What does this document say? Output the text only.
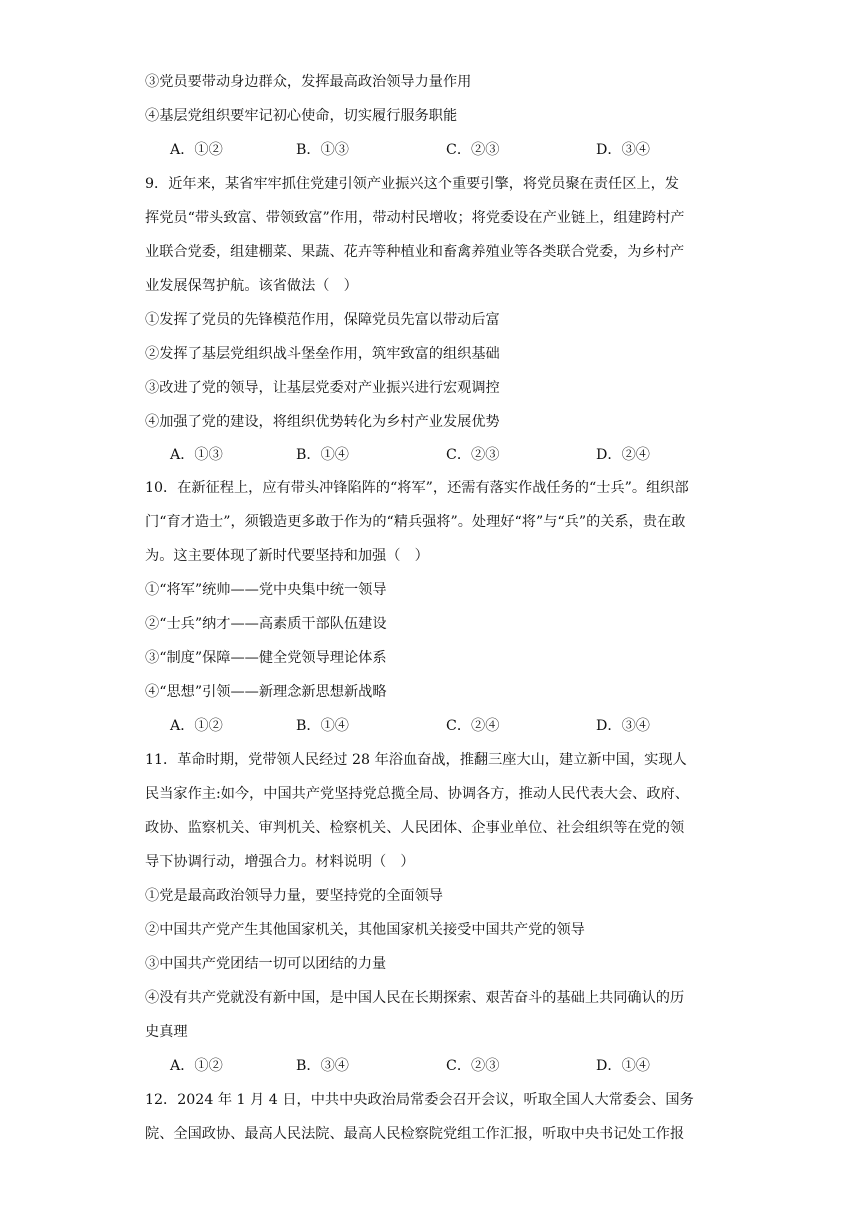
③党员要带动身边群众，发挥最高政治领导力量作用
④基层党组织要牢记初心使命，切实履行服务职能
A．①②	B．①③	C．②③	D．③④
9．近年来，某省牢牢抓住党建引领产业振兴这个重要引擎，将党员聚在责任区上，发
挥党员“带头致富、带领致富”作用，带动村民增收；将党委设在产业链上，组建跨村产
业联合党委，组建棚菜、果蔬、花卉等种植业和畜禽养殖业等各类联合党委，为乡村产
业发展保驾护航。该省做法（　）
①发挥了党员的先锋模范作用，保障党员先富以带动后富
②发挥了基层党组织战斗堡垒作用，筑牢致富的组织基础
③改进了党的领导，让基层党委对产业振兴进行宏观调控
④加强了党的建设，将组织优势转化为乡村产业发展优势
A．①③	B．①④	C．②③	D．②④
10．在新征程上，应有带头冲锋陷阵的“将军”，还需有落实作战任务的“士兵”。组织部
门“育才造士”，须锻造更多敢于作为的“精兵强将”。处理好“将”与“兵”的关系，贵在敢
为。这主要体现了新时代要坚持和加强（　）
①“将军”统帅——党中央集中统一领导
②“士兵”纳才——高素质干部队伍建设
③“制度”保障——健全党领导理论体系
④“思想”引领——新理念新思想新战略
A．①②	B．①④	C．②④	D．③④
11．革命时期，党带领人民经过 28 年浴血奋战，推翻三座大山，建立新中国，实现人
民当家作主:如今，中国共产党坚持党总揽全局、协调各方，推动人民代表大会、政府、
政协、监察机关、审判机关、检察机关、人民团体、企事业单位、社会组织等在党的领
导下协调行动，增强合力。材料说明（　）
①党是最高政治领导力量，要坚持党的全面领导
②中国共产党产生其他国家机关，其他国家机关接受中国共产党的领导
③中国共产党团结一切可以团结的力量
④没有共产党就没有新中国，是中国人民在长期探索、艰苦奋斗的基础上共同确认的历
史真理
A．①②	B．③④	C．②③	D．①④
12．2024 年 1 月 4 日，中共中央政治局常委会召开会议，听取全国人大常委会、国务
院、全国政协、最高人民法院、最高人民检察院党组工作汇报，听取中央书记处工作报
